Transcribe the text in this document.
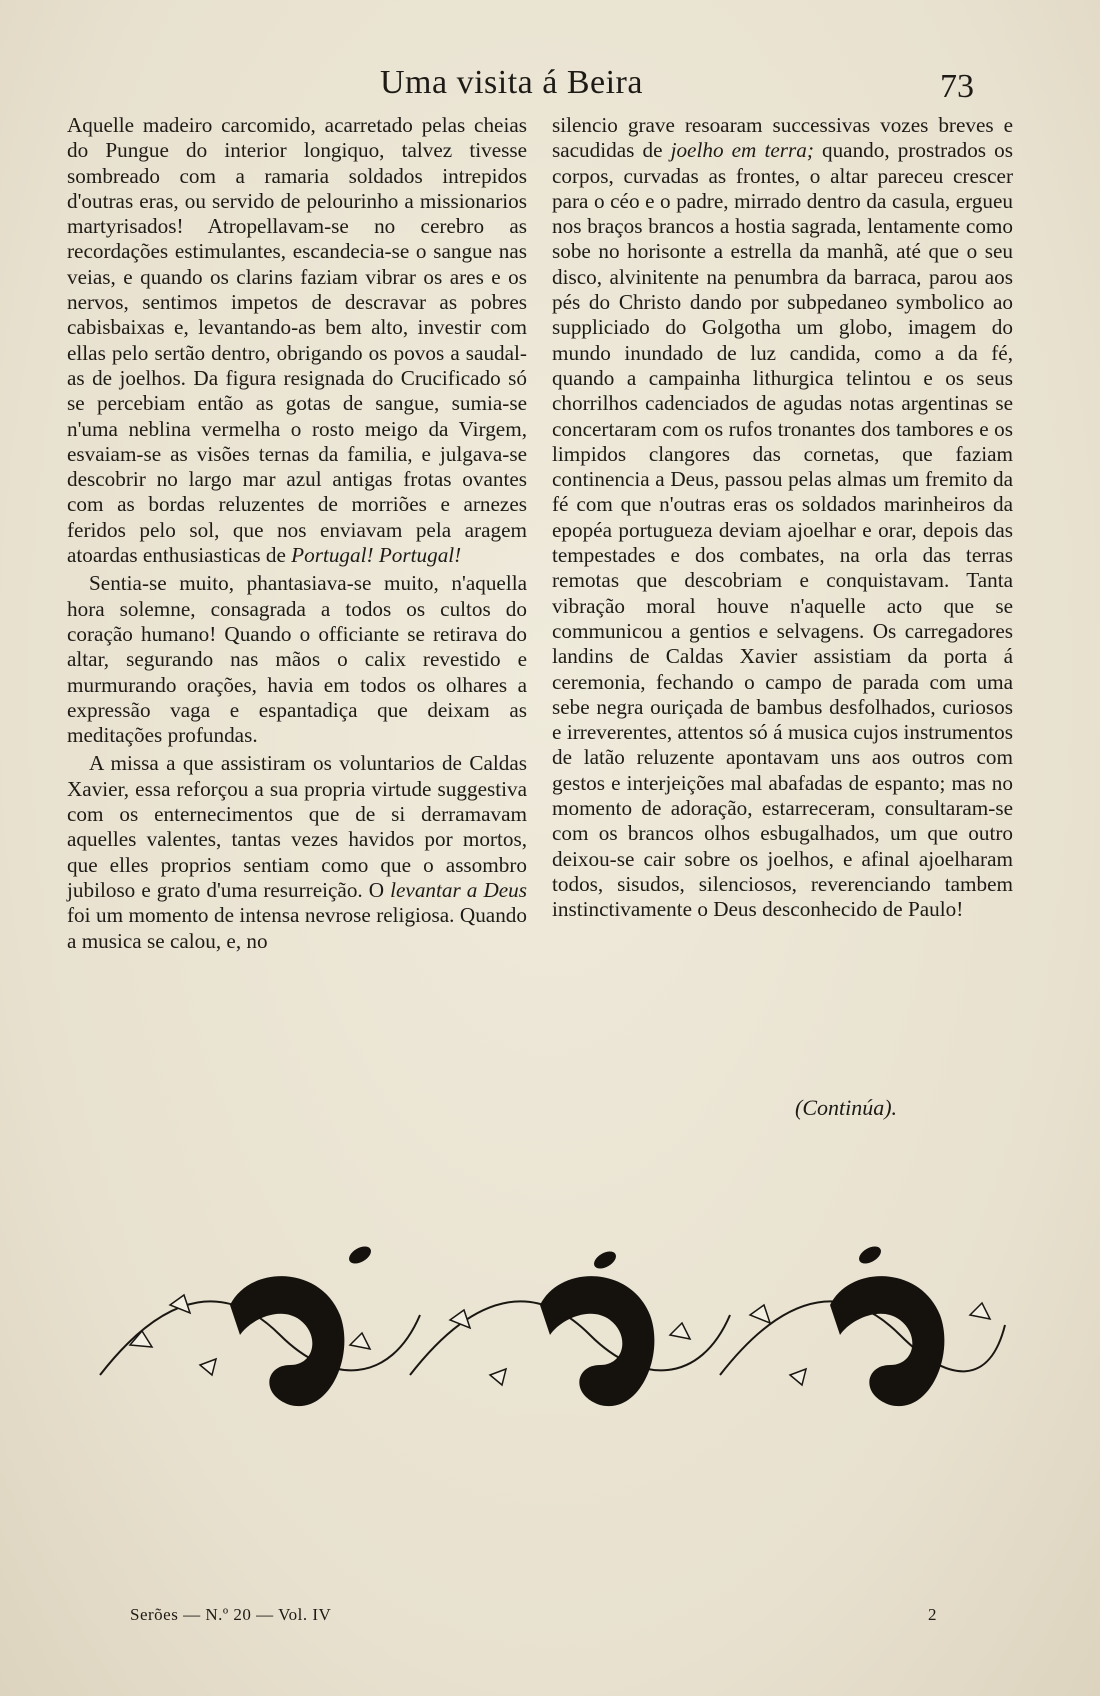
Uma visita á Beira	73

Aquelle madeiro carcomido, acarretado pelas cheias do Pungue do interior longiquo, talvez tivesse sombreado com a ramaria soldados intrepidos d'outras eras, ou servido de pelourinho a missionarios martyrisados! Atropellavam-se no cerebro as recordações estimulantes, escandecia-se o sangue nas veias, e quando os clarins faziam vibrar os ares e os nervos, sentimos impetos de descravar as pobres cabisbaixas e, levantando-as bem alto, investir com ellas pelo sertão dentro, obrigando os povos a saudal-as de joelhos. Da figura resignada do Crucificado só se percebiam então as gotas de sangue, sumia-se n'uma neblina vermelha o rosto meigo da Virgem, esvaiam-se as visões ternas da familia, e julgava-se descobrir no largo mar azul antigas frotas ovantes com as bordas reluzentes de morriões e arnezes feridos pelo sol, que nos enviavam pela aragem atoardas enthusiasticas de Portugal! Portugal!

Sentia-se muito, phantasiava-se muito, n'aquella hora solemne, consagrada a todos os cultos do coração humano! Quando o officiante se retirava do altar, segurando nas mãos o calix revestido e murmurando orações, havia em todos os olhares a expressão vaga e espantadiça que deixam as meditações profundas.

A missa a que assistiram os voluntarios de Caldas Xavier, essa reforçou a sua propria virtude suggestiva com os enternecimentos que de si derramavam aquelles valentes, tantas vezes havidos por mortos, que elles proprios sentiam como que o assombro jubiloso e grato d'uma resurreição. O levantar a Deus foi um momento de intensa nevrose religiosa. Quando a musica se calou, e, no

silencio grave resoaram successivas vozes breves e sacudidas de joelho em terra; quando, prostrados os corpos, curvadas as frontes, o altar pareceu crescer para o céo e o padre, mirrado dentro da casula, ergueu nos braços brancos a hostia sagrada, lentamente como sobe no horisonte a estrella da manhã, até que o seu disco, alvinitente na penumbra da barraca, parou aos pés do Christo dando por subpedaneo symbolico ao suppliciado do Golgotha um globo, imagem do mundo inundado de luz candida, como a da fé, quando a campainha lithurgica telintou e os seus chorrilhos cadenciados de agudas notas argentinas se concertaram com os rufos tronantes dos tambores e os limpidos clangores das cornetas, que faziam continencia a Deus, passou pelas almas um fremito da fé com que n'outras eras os soldados marinheiros da epopéa portugueza deviam ajoelhar e orar, depois das tempestades e dos combates, na orla das terras remotas que descobriam e conquistavam. Tanta vibração moral houve n'aquelle acto que se communicou a gentios e selvagens. Os carregadores landins de Caldas Xavier assistiam da porta á ceremonia, fechando o campo de parada com uma sebe negra ouriçada de bambus desfolhados, curiosos e irreverentes, attentos só á musica cujos instrumentos de latão reluzente apontavam uns aos outros com gestos e interjeições mal abafadas de espanto; mas no momento de adoração, estarreceram, consultaram-se com os brancos olhos esbugalhados, um que outro deixou-se cair sobre os joelhos, e afinal ajoelharam todos, sisudos, silenciosos, reverenciando tambem instinctivamente o Deus desconhecido de Paulo!

(Continúa).
Serões — N.º 20 — Vol. IV	2
